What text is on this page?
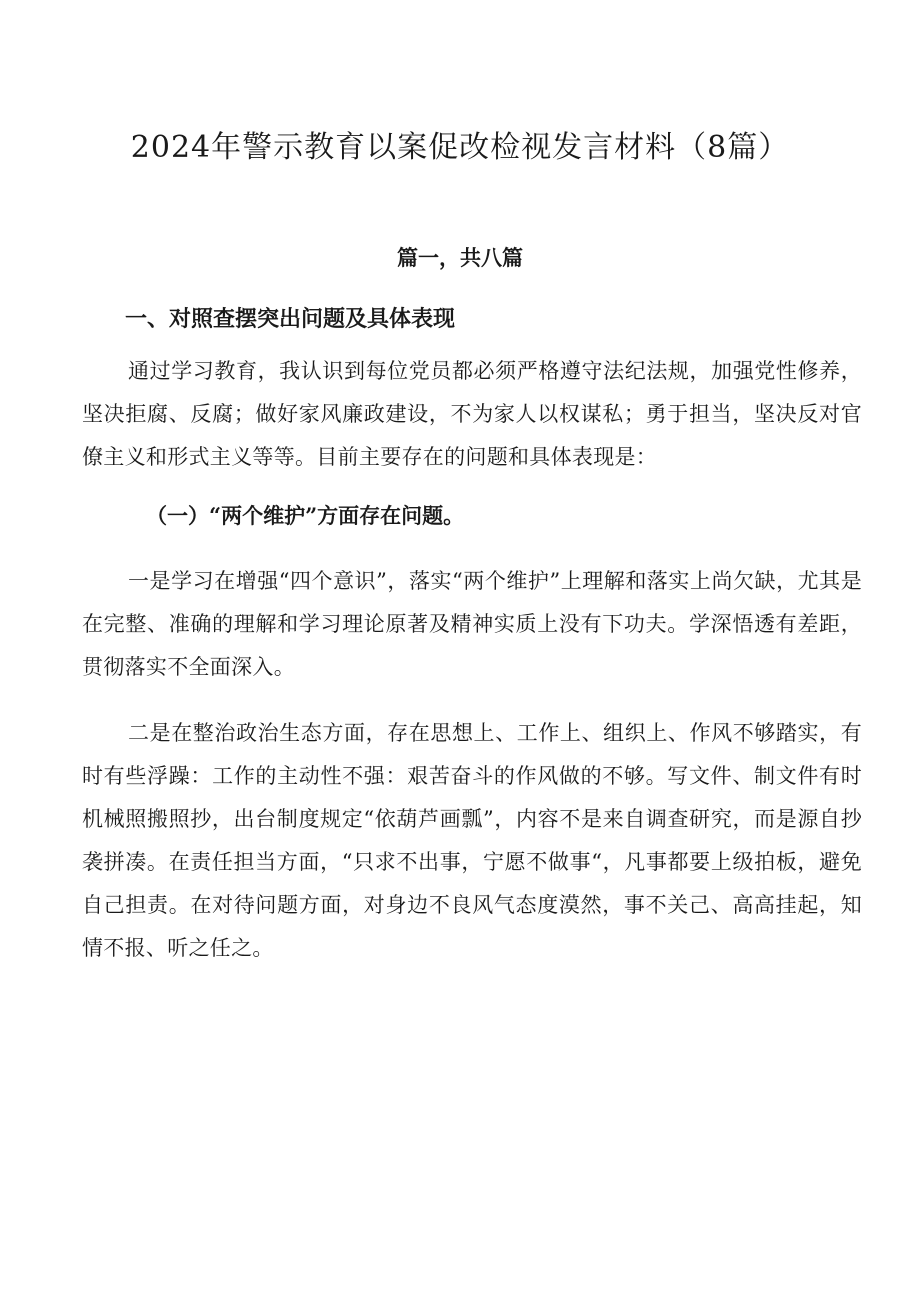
2024年警示教育以案促改检视发言材料（8篇）
篇一，共八篇
一、对照查摆突出问题及具体表现

通过学习教育，我认识到每位党员都必须严格遵守法纪法规，加强党性修养，坚决拒腐、反腐；做好家风廉政建设，不为家人以权谋私；勇于担当，坚决反对官僚主义和形式主义等等。目前主要存在的问题和具体表现是：

（一）“两个维护”方面存在问题。

一是学习在增强“四个意识”，落实“两个维护”上理解和落实上尚欠缺，尤其是在完整、准确的理解和学习理论原著及精神实质上没有下功夫。学深悟透有差距，贯彻落实不全面深入。

二是在整治政治生态方面，存在思想上、工作上、组织上、作风不够踏实，有时有些浮躁：工作的主动性不强：艰苦奋斗的作风做的不够。写文件、制文件有时机械照搬照抄，出台制度规定“依葫芦画瓢”，内容不是来自调查研究，而是源自抄袭拼凑。在责任担当方面，“只求不出事，宁愿不做事“，凡事都要上级拍板，避免自己担责。在对待问题方面，对身边不良风气态度漠然，事不关己、高高挂起，知情不报、听之任之。
